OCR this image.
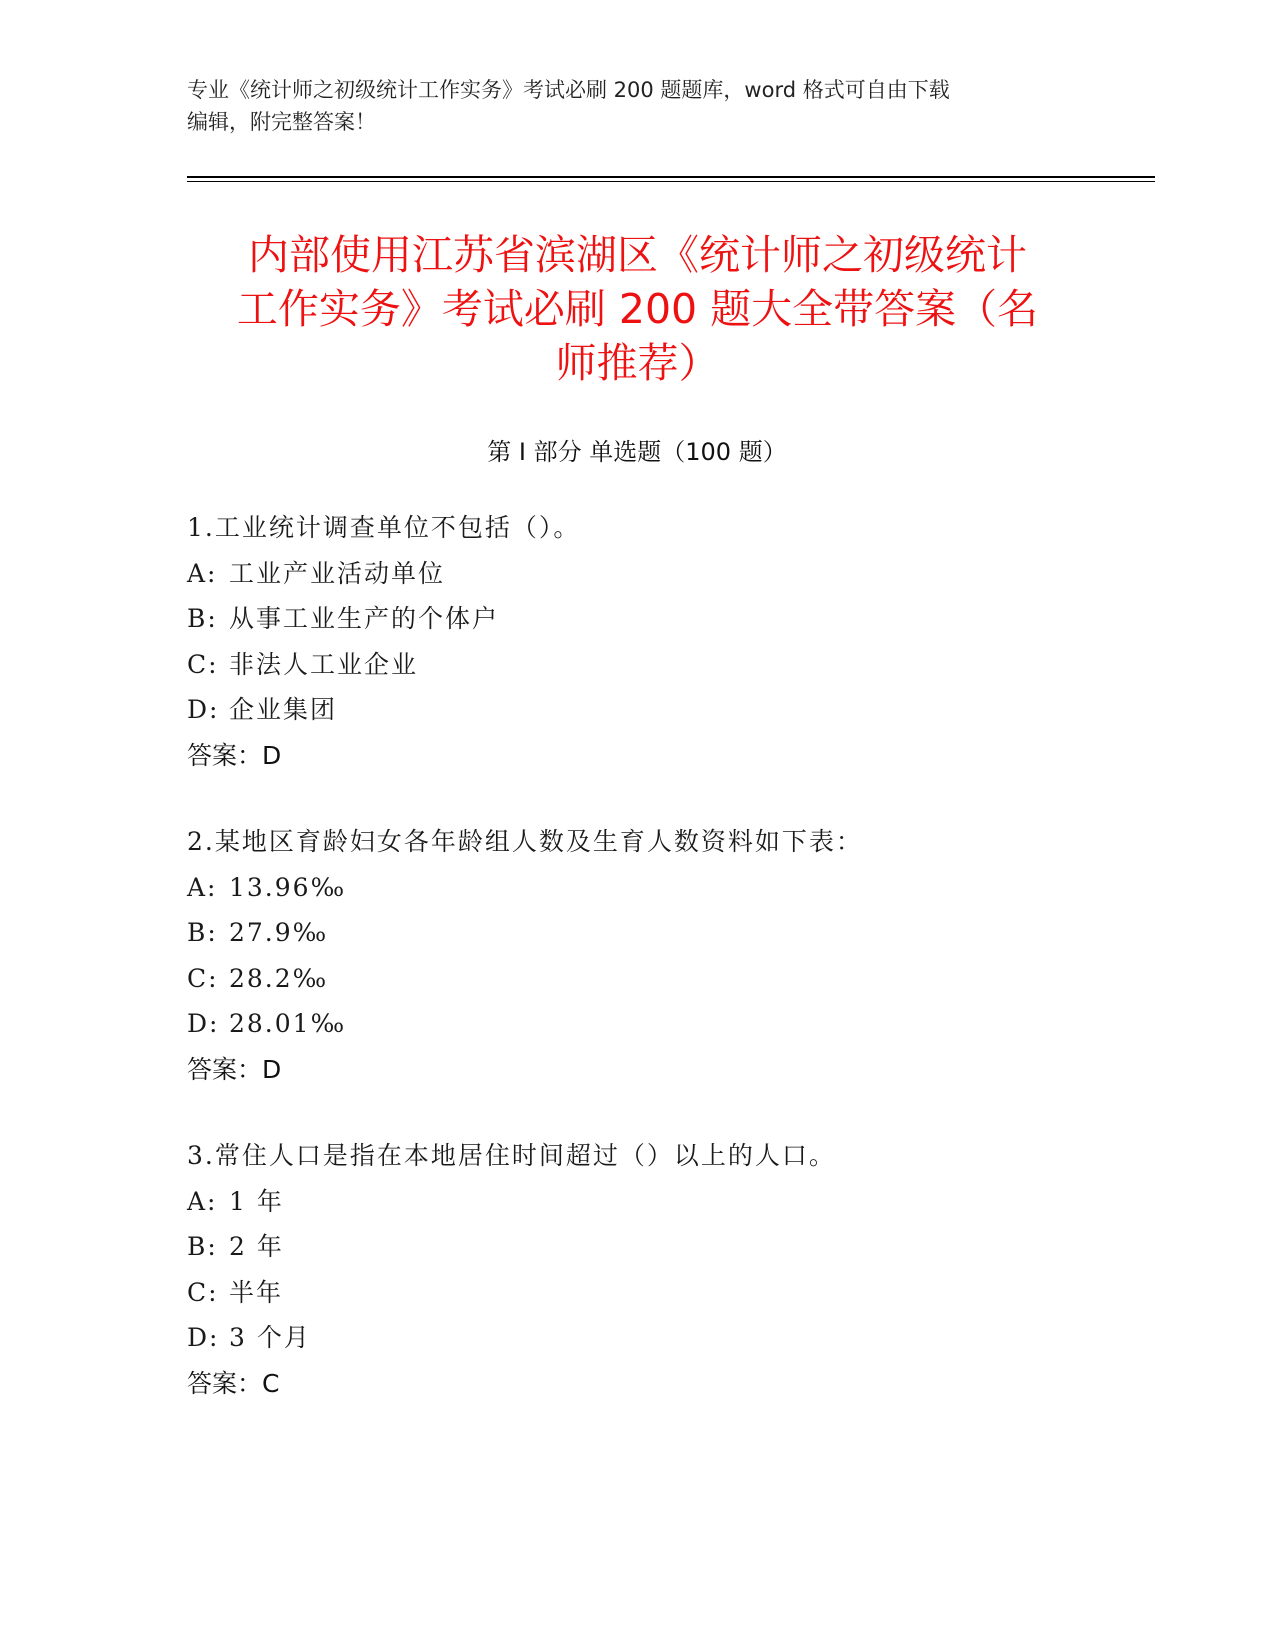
专业《统计师之初级统计工作实务》考试必刷 200 题题库，word 格式可自由下载
编辑，附完整答案！
内部使用江苏省滨湖区《统计师之初级统计
工作实务》考试必刷 200 题大全带答案（名
师推荐）
第 I 部分 单选题（100 题）
1.工业统计调查单位不包括（）。
A: 工业产业活动单位
B: 从事工业生产的个体户
C: 非法人工业企业
D: 企业集团
答案：D
2.某地区育龄妇女各年龄组人数及生育人数资料如下表：
A: 13.96‰
B: 27.9‰
C: 28.2‰
D: 28.01‰
答案：D
3.常住人口是指在本地居住时间超过（）以上的人口。
A: 1 年
B: 2 年
C: 半年
D: 3 个月
答案：C
